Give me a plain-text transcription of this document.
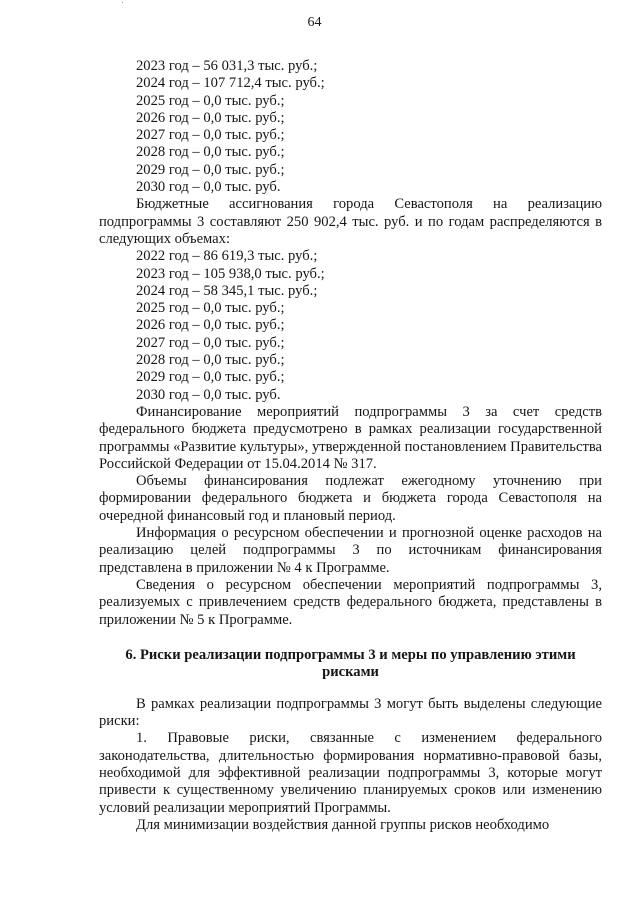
64
2023 год – 56 031,3 тыс. руб.;
2024 год – 107 712,4 тыс. руб.;
2025 год – 0,0 тыс. руб.;
2026 год – 0,0 тыс. руб.;
2027 год – 0,0 тыс. руб.;
2028 год – 0,0 тыс. руб.;
2029 год – 0,0 тыс. руб.;
2030 год – 0,0 тыс. руб.
Бюджетные ассигнования города Севастополя на реализацию подпрограммы 3 составляют 250 902,4 тыс. руб. и по годам распределяются в следующих объемах:
2022 год – 86 619,3 тыс. руб.;
2023 год – 105 938,0 тыс. руб.;
2024 год – 58 345,1 тыс. руб.;
2025 год – 0,0 тыс. руб.;
2026 год – 0,0 тыс. руб.;
2027 год – 0,0 тыс. руб.;
2028 год – 0,0 тыс. руб.;
2029 год – 0,0 тыс. руб.;
2030 год – 0,0 тыс. руб.
Финансирование мероприятий подпрограммы 3 за счет средств федерального бюджета предусмотрено в рамках реализации государственной программы «Развитие культуры», утвержденной постановлением Правительства Российской Федерации от 15.04.2014 № 317.
Объемы финансирования подлежат ежегодному уточнению при формировании федерального бюджета и бюджета города Севастополя на очередной финансовый год и плановый период.
Информация о ресурсном обеспечении и прогнозной оценке расходов на реализацию целей подпрограммы 3 по источникам финансирования представлена в приложении № 4 к Программе.
Сведения о ресурсном обеспечении мероприятий подпрограммы 3, реализуемых с привлечением средств федерального бюджета, представлены в приложении № 5 к Программе.
6. Риски реализации подпрограммы 3 и меры по управлению этими
рисками
В рамках реализации подпрограммы 3 могут быть выделены следующие риски:
1. Правовые риски, связанные с изменением федерального законодательства, длительностью формирования нормативно-правовой базы, необходимой для эффективной реализации подпрограммы 3, которые могут привести к существенному увеличению планируемых сроков или изменению условий реализации мероприятий Программы.
Для минимизации воздействия данной группы рисков необходимо
